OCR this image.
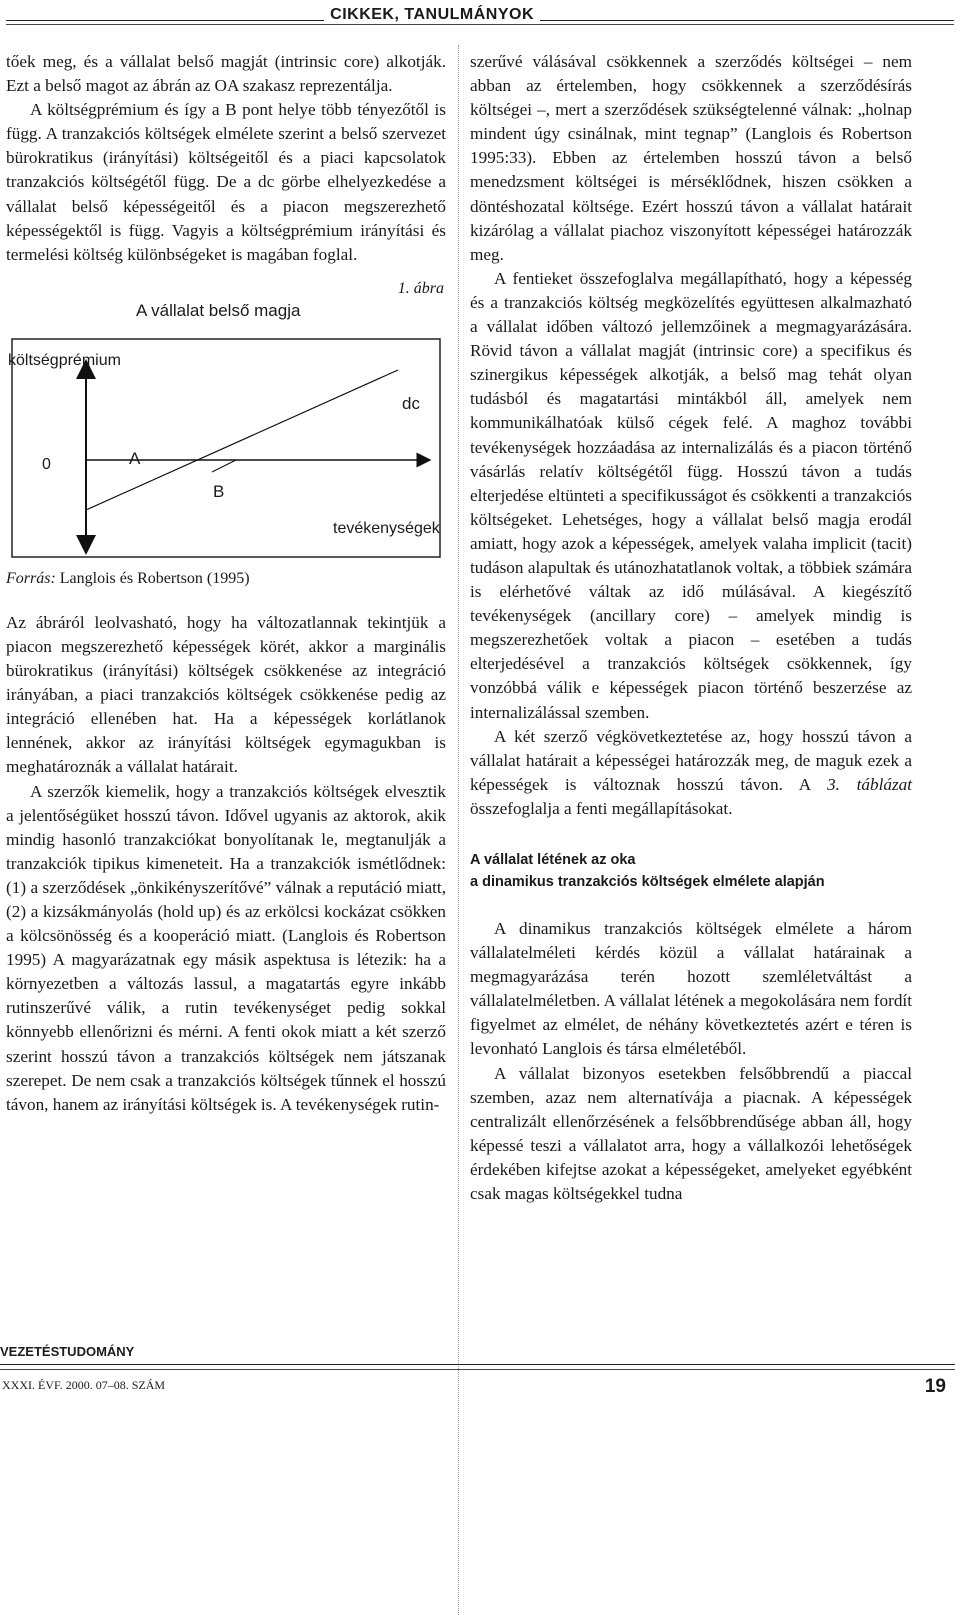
CIKKEK, TANULMÁNYOK

tőek meg, és a vállalat belső magját (intrinsic core) alkotják. Ezt a belső magot az ábrán az OA szakasz reprezentálja.

A költségprémium és így a B pont helye több tényezőtől is függ. A tranzakciós költségek elmélete szerint a belső szervezet bürokratikus (irányítási) költségeitől és a piaci kapcsolatok tranzakciós költségétől függ. De a dc görbe elhelyezkedése a vállalat belső képességeitől és a piacon megszerezhető képességektől is függ. Vagyis a költségprémium irányítási és termelési költség különbségeket is magában foglal.

1. ábra
A vállalat belső magja
költségprémium
0	A
B
dc
tevékenységek
Forrás: Langlois és Robertson (1995)

Az ábráról leolvasható, hogy ha változatlannak tekintjük a piacon megszerezhető képességek körét, akkor a marginális bürokratikus (irányítási) költségek csökkenése az integráció irányában, a piaci tranzakciós költségek csökkenése pedig az integráció ellenében hat. Ha a képességek korlátlanok lennének, akkor az irányítási költségek egymagukban is meghatároznák a vállalat határait.

A szerzők kiemelik, hogy a tranzakciós költségek elvesztik a jelentőségüket hosszú távon. Idővel ugyanis az aktorok, akik mindig hasonló tranzakciókat bonyolítanak le, megtanulják a tranzakciók tipikus kimeneteit. Ha a tranzakciók ismétlődnek: (1) a szerződések „önkikényszerítővé” válnak a reputáció miatt, (2) a kizsákmányolás (hold up) és az erkölcsi kockázat csökken a kölcsönösség és a kooperáció miatt. (Langlois és Robertson 1995) A magyarázatnak egy másik aspektusa is létezik: ha a környezetben a változás lassul, a magatartás egyre inkább rutinszerűvé válik, a rutin tevékenységet pedig sokkal könnyebb ellenőrizni és mérni. A fenti okok miatt a két szerző szerint hosszú távon a tranzakciós költségek nem játszanak szerepet. De nem csak a tranzakciós költségek tűnnek el hosszú távon, hanem az irányítási költségek is. A tevékenységek rutin-

szerűvé válásával csökkennek a szerződés költségei – nem abban az értelemben, hogy csökkennek a szerződésírás költségei –, mert a szerződések szükségtelenné válnak: „holnap mindent úgy csinálnak, mint tegnap” (Langlois és Robertson 1995:33). Ebben az értelemben hosszú távon a belső menedzsment költségei is mérséklődnek, hiszen csökken a döntéshozatal költsége. Ezért hosszú távon a vállalat határait kizárólag a vállalat piachoz viszonyított képességei határozzák meg.

A fentieket összefoglalva megállapítható, hogy a képesség és a tranzakciós költség megközelítés együttesen alkalmazható a vállalat időben változó jellemzőinek a megmagyarázására. Rövid távon a vállalat magját (intrinsic core) a specifikus és szinergikus képességek alkotják, a belső mag tehát olyan tudásból és magatartási mintákból áll, amelyek nem kommunikálhatóak külső cégek felé. A maghoz további tevékenységek hozzáadása az internalizálás és a piacon történő vásárlás relatív költségétől függ. Hosszú távon a tudás elterjedése eltünteti a specifikusságot és csökkenti a tranzakciós költségeket. Lehetséges, hogy a vállalat belső magja erodál amiatt, hogy azok a képességek, amelyek valaha implicit (tacit) tudáson alapultak és utánozhatatlanok voltak, a többiek számára is elérhetővé váltak az idő múlásával. A kiegészítő tevékenységek (ancillary core) – amelyek mindig is megszerezhetőek voltak a piacon – esetében a tudás elterjedésével a tranzakciós költségek csökkennek, így vonzóbbá válik e képességek piacon történő beszerzése az internalizálással szemben.

A két szerző végkövetkeztetése az, hogy hosszú távon a vállalat határait a képességei határozzák meg, de maguk ezek a képességek is változnak hosszú távon. A 3. táblázat összefoglalja a fenti megállapításokat.

A vállalat létének az oka
a dinamikus tranzakciós költségek elmélete alapján

A dinamikus tranzakciós költségek elmélete a három vállalatelméleti kérdés közül a vállalat határainak a megmagyarázása terén hozott szemléletváltást a vállalatelméletben. A vállalat létének a megokolására nem fordít figyelmet az elmélet, de néhány következtetés azért e téren is levonható Langlois és társa elméletéből.

A vállalat bizonyos esetekben felsőbbrendű a piaccal szemben, azaz nem alternatívája a piacnak. A képességek centralizált ellenőrzésének a felsőbbrendűsége abban áll, hogy képessé teszi a vállalatot arra, hogy a vállalkozói lehetőségek érdekében kifejtse azokat a képességeket, amelyeket egyébként csak magas költségekkel tudna

VEZETÉSTUDOMÁNY
XXXI. ÉVF. 2000. 07–08. SZÁM	19
